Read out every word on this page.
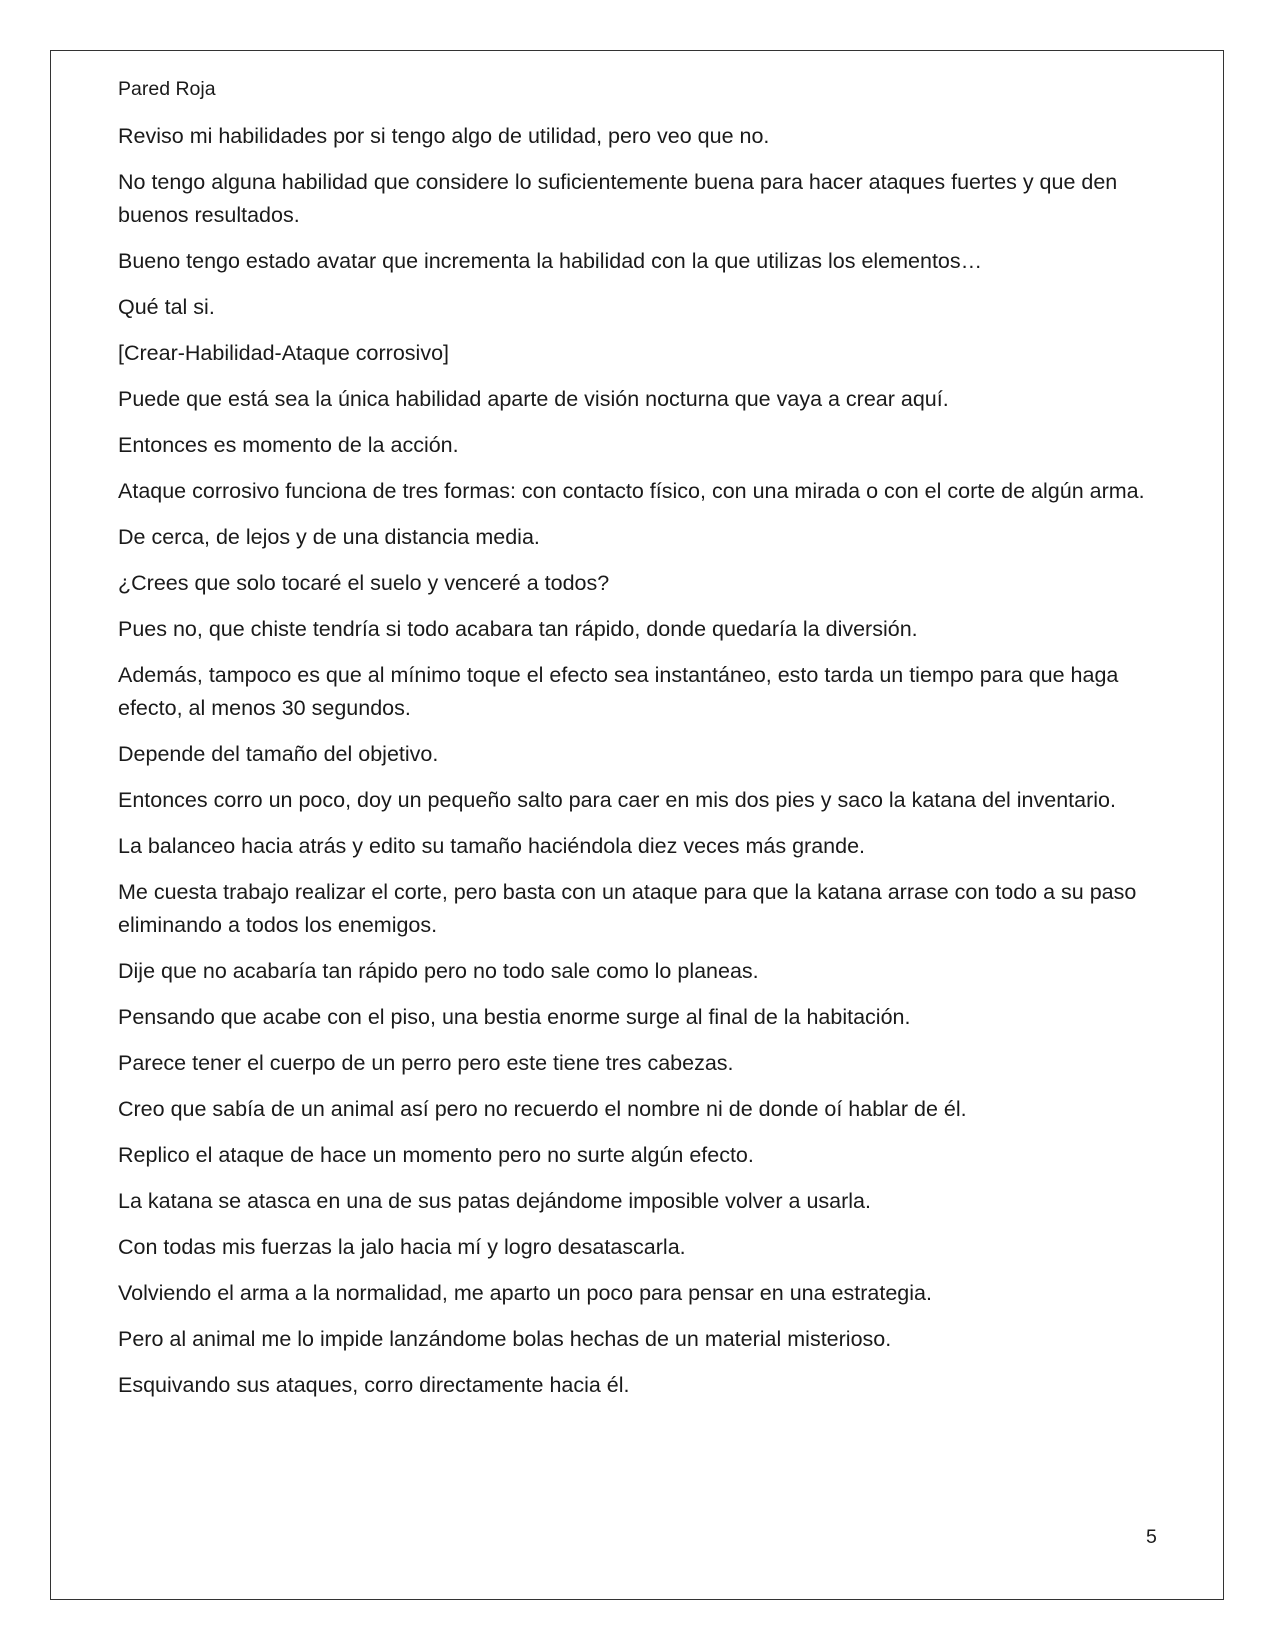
Pared Roja

Reviso mi habilidades por si tengo algo de utilidad, pero veo que no.

No tengo alguna habilidad que considere lo suficientemente buena para hacer ataques fuertes y que den buenos resultados.

Bueno tengo estado avatar que incrementa la habilidad con la que utilizas los elementos…

Qué tal si.

[Crear-Habilidad-Ataque corrosivo]

Puede que está sea la única habilidad aparte de visión nocturna que vaya a crear aquí.

Entonces es momento de la acción.

Ataque corrosivo funciona de tres formas: con contacto físico, con una mirada o con el corte de algún arma.

De cerca, de lejos y de una distancia media.

¿Crees que solo tocaré el suelo y venceré a todos?

Pues no, que chiste tendría si todo acabara tan rápido, donde quedaría la diversión.

Además, tampoco es que al mínimo toque el efecto sea instantáneo, esto tarda un tiempo para que haga efecto, al menos 30 segundos.

Depende del tamaño del objetivo.

Entonces corro un poco, doy un pequeño salto para caer en mis dos pies y saco la katana del inventario.

La balanceo hacia atrás y edito su tamaño haciéndola diez veces más grande.

Me cuesta trabajo realizar el corte, pero basta con un ataque para que la katana arrase con todo a su paso eliminando a todos los enemigos.

Dije que no acabaría tan rápido pero no todo sale como lo planeas.

Pensando que acabe con el piso, una bestia enorme surge al final de la habitación.

Parece tener el cuerpo de un perro pero este tiene tres cabezas.

Creo que sabía de un animal así pero no recuerdo el nombre ni de donde oí hablar de él.

Replico el ataque de hace un momento pero no surte algún efecto.

La katana se atasca en una de sus patas dejándome imposible volver a usarla.

Con todas mis fuerzas la jalo hacia mí y logro desatascarla.

Volviendo el arma a la normalidad, me aparto un poco para pensar en una estrategia.

Pero al animal me lo impide lanzándome bolas hechas de un material misterioso.

Esquivando sus ataques, corro directamente hacia él.

5
